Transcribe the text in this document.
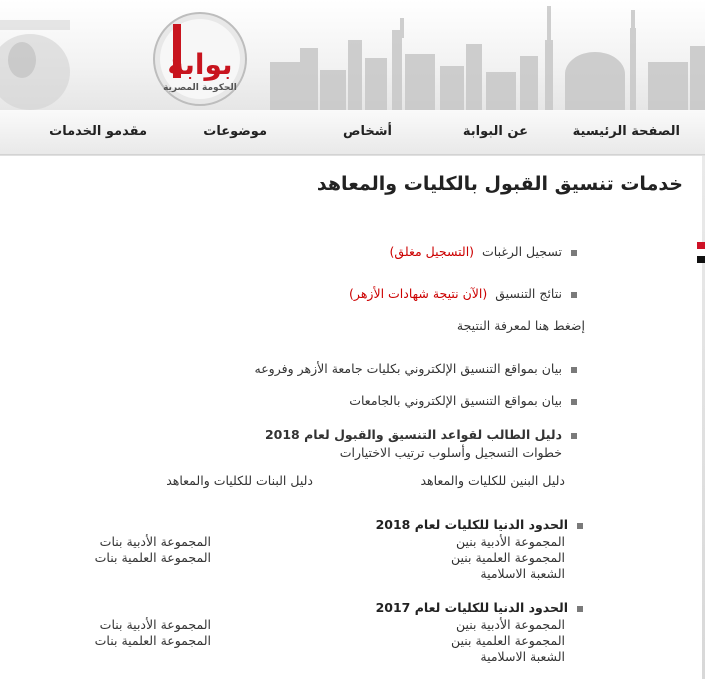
بوابة
الحكومة المصرية
الصفحة الرئيسية
عن البوابة
أشخاص
موضوعات
مقدمو الخدمات
خدمات تنسيق القبول بالكليات والمعاهد
تسجيل الرغبات  (التسجيل مغلق)
نتائج التنسيق  (الآن نتيجة شهادات الأزهر)
إضغط هنا لمعرفة النتيجة
بيان بمواقع التنسيق الإلكتروني بكليات جامعة الأزهر وفروعه
بيان بمواقع التنسيق الإلكتروني بالجامعات
دليل الطالب لقواعد التنسيق والقبول لعام 2018
خطوات التسجيل وأسلوب ترتيب الاختيارات
دليل البنين للكليات والمعاهد
دليل البنات للكليات والمعاهد
الحدود الدنيا للكليات لعام 2018
المجموعة الأدبية بنين
المجموعة العلمية بنين
الشعبة الاسلامية
المجموعة الأدبية بنات
المجموعة العلمية بنات
الحدود الدنيا للكليات لعام 2017
المجموعة الأدبية بنين
المجموعة العلمية بنين
الشعبة الاسلامية
المجموعة الأدبية بنات
المجموعة العلمية بنات
